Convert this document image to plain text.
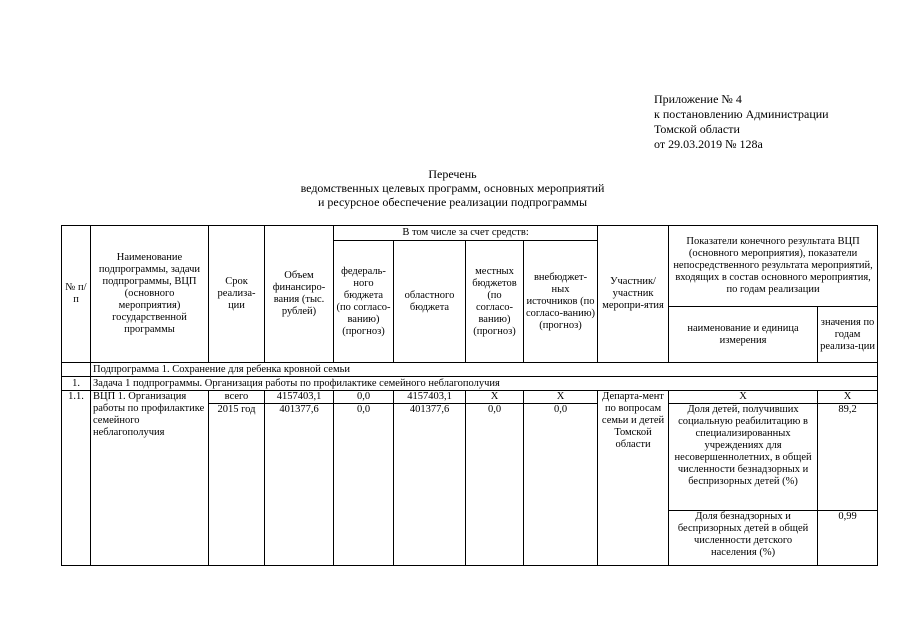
Приложение № 4
к постановлению Администрации
Томской области
от 29.03.2019 № 128а
Перечень
ведомственных целевых программ, основных мероприятий
и ресурсное обеспечение реализации подпрограммы
№ п/п	Наименование подпрограммы, задачи подпрограммы, ВЦП (основного мероприятия) государственной программы	Срок реализа-ции	Объем финансиро-вания (тыс. рублей)	В том числе за счет средств:				Участник/ участник меропри-ятия	Показатели конечного результата ВЦП (основного мероприятия), показатели непосредственного результата мероприятий, входящих в состав основного мероприятия, по годам реализации	
				федераль-ного бюджета (по согласо-ванию) (прогноз)	областного бюджета	местных бюджетов (по согласо-ванию) (прогноз)	внебюджет-ных источников (по согласо-ванию) (прогноз)			
									наименование и единица измерения	значения по годам реализа-ции
	Подпрограмма 1. Сохранение для ребенка кровной семьи									
1.	Задача 1 подпрограммы. Организация работы по профилактике семейного неблагополучия									
1.1.	ВЦП 1. Организация работы по профилактике семейного неблагополучия	всего	4157403,1	0,0	4157403,1	Х	Х	Департа-мент по вопросам семьи и детей Томской области	Х	Х
		2015 год	401377,6	0,0	401377,6	0,0	0,0		Доля детей, получивших социальную реабилитацию в специализированных учреждениях для несовершеннолетних, в общей численности безнадзорных и беспризорных детей (%)	89,2
									Доля безнадзорных и беспризорных детей в общей численности детского населения (%)	0,99
